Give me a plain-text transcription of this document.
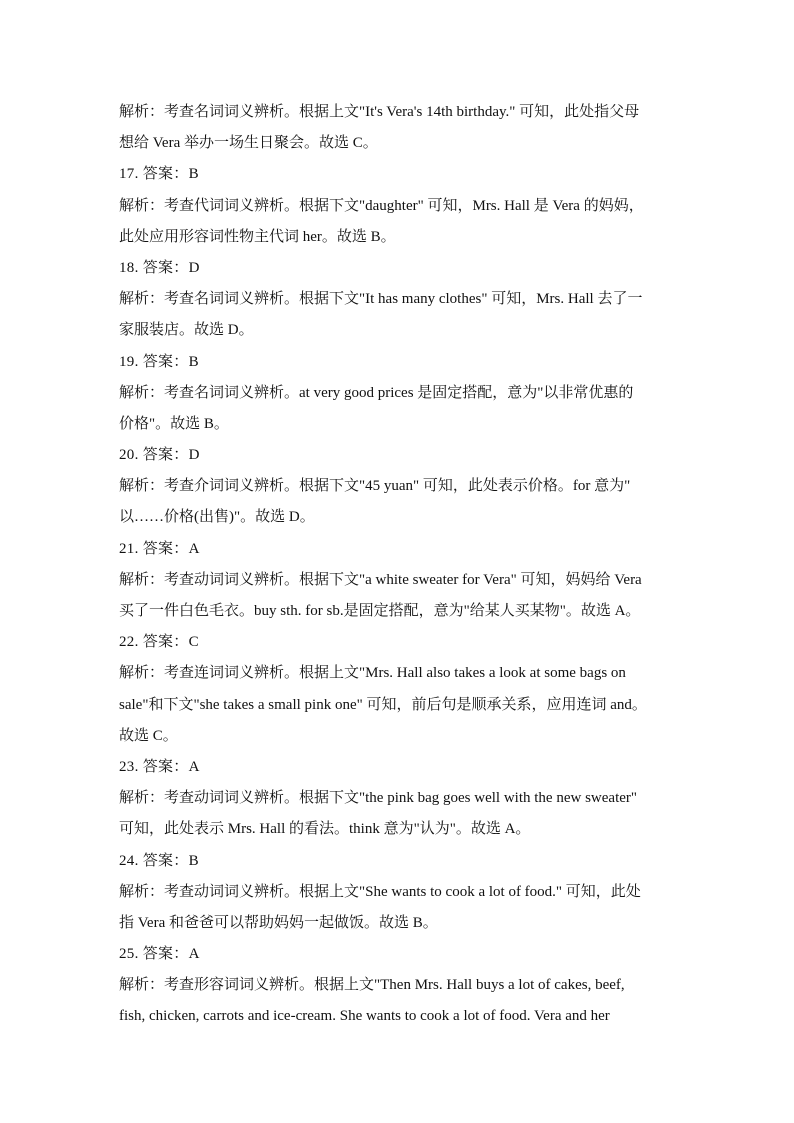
解析：考查名词词义辨析。根据上文"It's Vera's 14th birthday." 可知，此处指父母
想给 Vera 举办一场生日聚会。故选 C。
17. 答案：B
解析：考查代词词义辨析。根据下文"daughter" 可知，Mrs. Hall 是 Vera 的妈妈，
此处应用形容词性物主代词 her。故选 B。
18. 答案：D
解析：考查名词词义辨析。根据下文"It has many clothes" 可知，Mrs. Hall 去了一
家服装店。故选 D。
19. 答案：B
解析：考查名词词义辨析。at very good prices 是固定搭配，意为"以非常优惠的
价格"。故选 B。
20. 答案：D
解析：考查介词词义辨析。根据下文"45 yuan" 可知，此处表示价格。for 意为"
以……价格(出售)"。故选 D。
21. 答案：A
解析：考查动词词义辨析。根据下文"a white sweater for Vera" 可知，妈妈给 Vera
买了一件白色毛衣。buy sth. for sb.是固定搭配，意为"给某人买某物"。故选 A。
22. 答案：C
解析：考查连词词义辨析。根据上文"Mrs. Hall also takes a look at some bags on
sale"和下文"she takes a small pink one" 可知，前后句是顺承关系，应用连词 and。
故选 C。
23. 答案：A
解析：考查动词词义辨析。根据下文"the pink bag goes well with the new sweater"
可知，此处表示 Mrs. Hall 的看法。think 意为"认为"。故选 A。
24. 答案：B
解析：考查动词词义辨析。根据上文"She wants to cook a lot of food." 可知，此处
指 Vera 和爸爸可以帮助妈妈一起做饭。故选 B。
25. 答案：A
解析：考查形容词词义辨析。根据上文"Then Mrs. Hall buys a lot of cakes, beef,
fish, chicken, carrots and ice-cream. She wants to cook a lot of food. Vera and her
